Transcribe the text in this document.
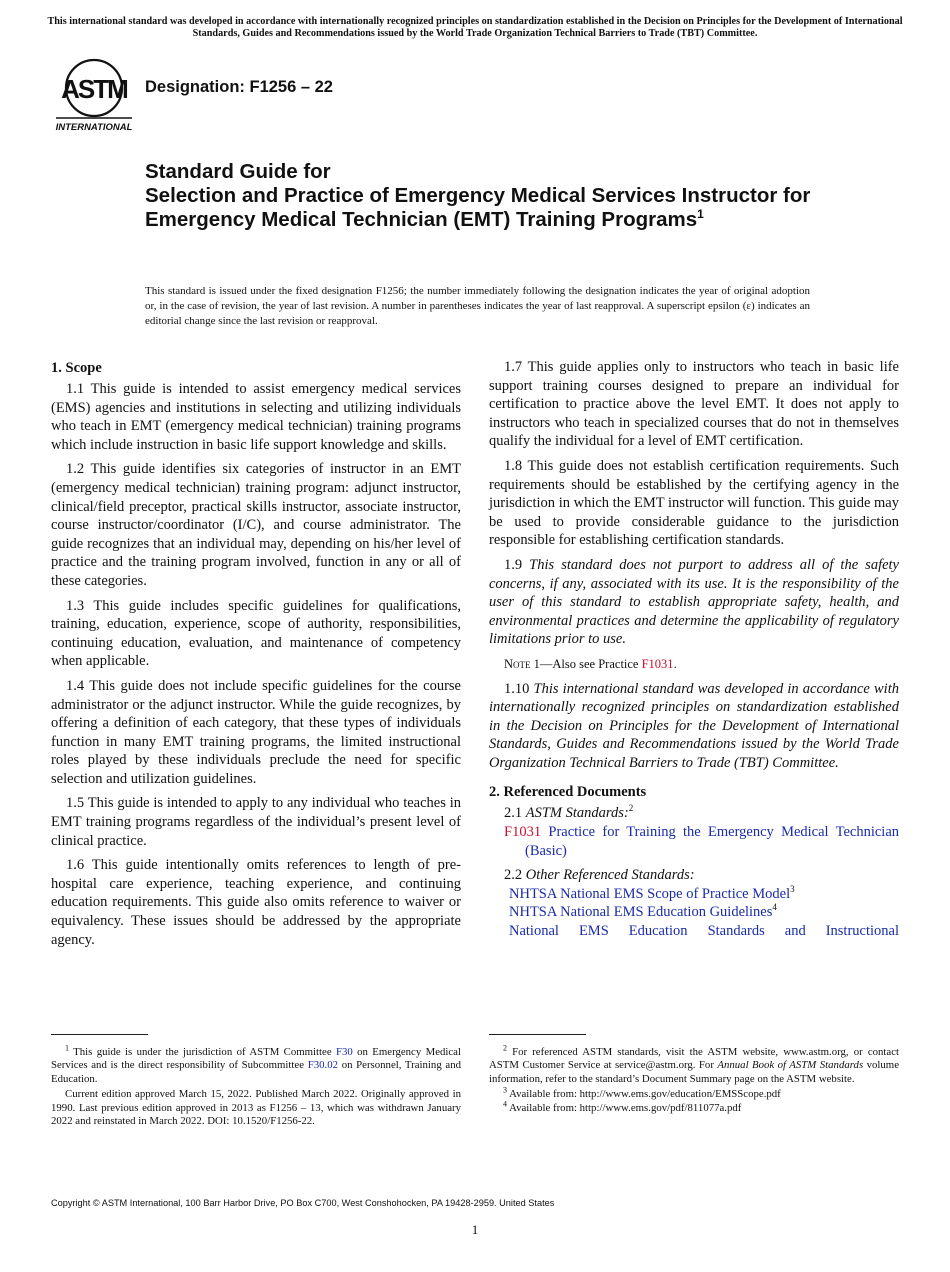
This international standard was developed in accordance with internationally recognized principles on standardization established in the Decision on Principles for the Development of International Standards, Guides and Recommendations issued by the World Trade Organization Technical Barriers to Trade (TBT) Committee.
ASTM
INTERNATIONAL
Designation: F1256 – 22
Standard Guide for
Selection and Practice of Emergency Medical Services Instructor for Emergency Medical Technician (EMT) Training Programs$^1$
This standard is issued under the fixed designation F1256; the number immediately following the designation indicates the year of original adoption or, in the case of revision, the year of last revision. A number in parentheses indicates the year of last reapproval. A superscript epsilon (ε) indicates an editorial change since the last revision or reapproval.
1. Scope

1.1 This guide is intended to assist emergency medical services (EMS) agencies and institutions in selecting and utilizing individuals who teach in EMT (emergency medical technician) training programs which include instruction in basic life support knowledge and skills.

1.2 This guide identifies six categories of instructor in an EMT (emergency medical technician) training program: adjunct instructor, clinical/field preceptor, practical skills instructor, associate instructor, course instructor/coordinator (I/C), and course administrator. The guide recognizes that an individual may, depending on his/her level of practice and the training program involved, function in any or all of these categories.

1.3 This guide includes specific guidelines for qualifications, training, education, experience, scope of authority, responsibilities, continuing education, evaluation, and maintenance of competency when applicable.

1.4 This guide does not include specific guidelines for the course administrator or the adjunct instructor. While the guide recognizes, by offering a definition of each category, that these types of individuals function in many EMT training programs, the limited instructional roles played by these individuals preclude the need for specific selection and utilization guidelines.

1.5 This guide is intended to apply to any individual who teaches in EMT training programs regardless of the individual’s present level of clinical practice.

1.6 This guide intentionally omits references to length of pre-hospital care experience, teaching experience, and continuing education requirements. This guide also omits reference to waiver or equivalency. These issues should be addressed by the appropriate agency.

1.7 This guide applies only to instructors who teach in basic life support training courses designed to prepare an individual for certification to practice above the level EMT. It does not apply to instructors who teach in specialized courses that do not in themselves qualify the individual for a level of EMT certification.

1.8 This guide does not establish certification requirements. Such requirements should be established by the certifying agency in the jurisdiction in which the EMT instructor will function. This guide may be used to provide considerable guidance to the jurisdiction responsible for establishing certification standards.

1.9 This standard does not purport to address all of the safety concerns, if any, associated with its use. It is the responsibility of the user of this standard to establish appropriate safety, health, and environmental practices and determine the applicability of regulatory limitations prior to use.

Note 1—Also see Practice F1031.

1.10 This international standard was developed in accordance with internationally recognized principles on standardization established in the Decision on Principles for the Development of International Standards, Guides and Recommendations issued by the World Trade Organization Technical Barriers to Trade (TBT) Committee.

2. Referenced Documents

2.1 ASTM Standards:$^2$

F1031 Practice for Training the Emergency Medical Technician (Basic)

2.2 Other Referenced Standards:

NHTSA National EMS Scope of Practice Model$^3$
NHTSA National EMS Education Guidelines$^4$
National EMS Education Standards and Instructional

$^1$ This guide is under the jurisdiction of ASTM Committee F30 on Emergency Medical Services and is the direct responsibility of Subcommittee F30.02 on Personnel, Training and Education.

Current edition approved March 15, 2022. Published March 2022. Originally approved in 1990. Last previous edition approved in 2013 as F1256 – 13, which was withdrawn January 2022 and reinstated in March 2022. DOI: 10.1520/F1256-22.

$^2$ For referenced ASTM standards, visit the ASTM website, www.astm.org, or contact ASTM Customer Service at service@astm.org. For Annual Book of ASTM Standards volume information, refer to the standard’s Document Summary page on the ASTM website.

$^3$ Available from: http://www.ems.gov/education/EMSScope.pdf

$^4$ Available from: http://www.ems.gov/pdf/811077a.pdf

Copyright © ASTM International, 100 Barr Harbor Drive, PO Box C700, West Conshohocken, PA 19428-2959. United States
1
